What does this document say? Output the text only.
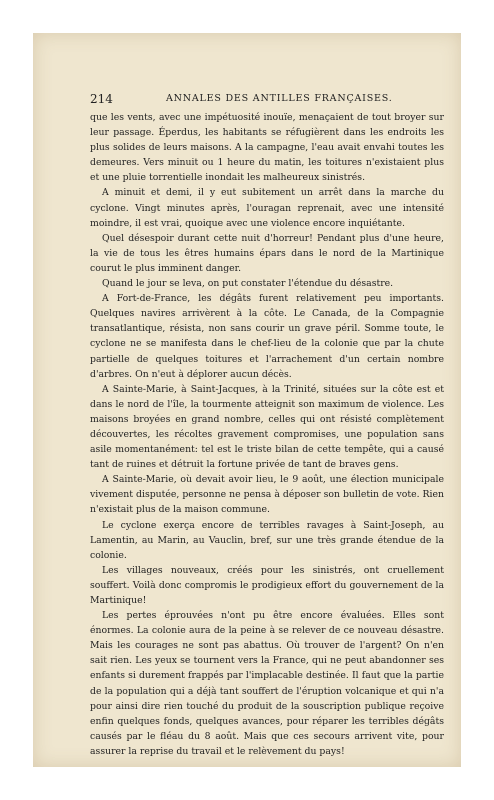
214	ANNALES DES ANTILLES FRANÇAISES.

que les vents, avec une impétuosité inouïe, menaçaient de tout broyer sur leur passage. Éperdus, les habitants se réfugièrent dans les endroits les plus solides de leurs maisons. A la campagne, l'eau avait envahi toutes les demeures. Vers minuit ou 1 heure du matin, les toitures n'existaient plus et une pluie torrentielle inondait les malheureux sinistrés.

A minuit et demi, il y eut subitement un arrêt dans la marche du cyclone. Vingt minutes après, l'ouragan reprenait, avec une intensité moindre, il est vrai, quoique avec une violence encore inquiétante.

Quel désespoir durant cette nuit d'horreur! Pendant plus d'une heure, la vie de tous les êtres humains épars dans le nord de la Martinique courut le plus imminent danger.

Quand le jour se leva, on put constater l'étendue du désastre.

A Fort-de-France, les dégâts furent relativement peu importants. Quelques navires arrivèrent à la côte. Le Canada, de la Compagnie transatlantique, résista, non sans courir un grave péril. Somme toute, le cyclone ne se manifesta dans le chef-lieu de la colonie que par la chute partielle de quelques toitures et l'arrachement d'un certain nombre d'arbres. On n'eut à déplorer aucun décès.

A Sainte-Marie, à Saint-Jacques, à la Trinité, situées sur la côte est et dans le nord de l'île, la tourmente atteignit son maximum de violence. Les maisons broyées en grand nombre, celles qui ont résisté complètement découvertes, les récoltes gravement compromises, une population sans asile momentanément: tel est le triste bilan de cette tempête, qui a causé tant de ruines et détruit la fortune privée de tant de braves gens.

A Sainte-Marie, où devait avoir lieu, le 9 août, une élection municipale vivement disputée, personne ne pensa à déposer son bulletin de vote. Rien n'existait plus de la maison commune.

Le cyclone exerça encore de terribles ravages à Saint-Joseph, au Lamentin, au Marin, au Vauclin, bref, sur une très grande étendue de la colonie.

Les villages nouveaux, créés pour les sinistrés, ont cruellement souffert. Voilà donc compromis le prodigieux effort du gouvernement de la Martinique!

Les pertes éprouvées n'ont pu être encore évaluées. Elles sont énormes. La colonie aura de la peine à se relever de ce nouveau désastre. Mais les courages ne sont pas abattus. Où trouver de l'argent? On n'en sait rien. Les yeux se tournent vers la France, qui ne peut abandonner ses enfants si durement frappés par l'implacable destinée. Il faut que la partie de la population qui a déjà tant souffert de l'éruption volcanique et qui n'a pour ainsi dire rien touché du produit de la souscription publique reçoive enfin quelques fonds, quelques avances, pour réparer les terribles dégâts causés par le fléau du 8 août. Mais que ces secours arrivent vite, pour assurer la reprise du travail et le relèvement du pays!
